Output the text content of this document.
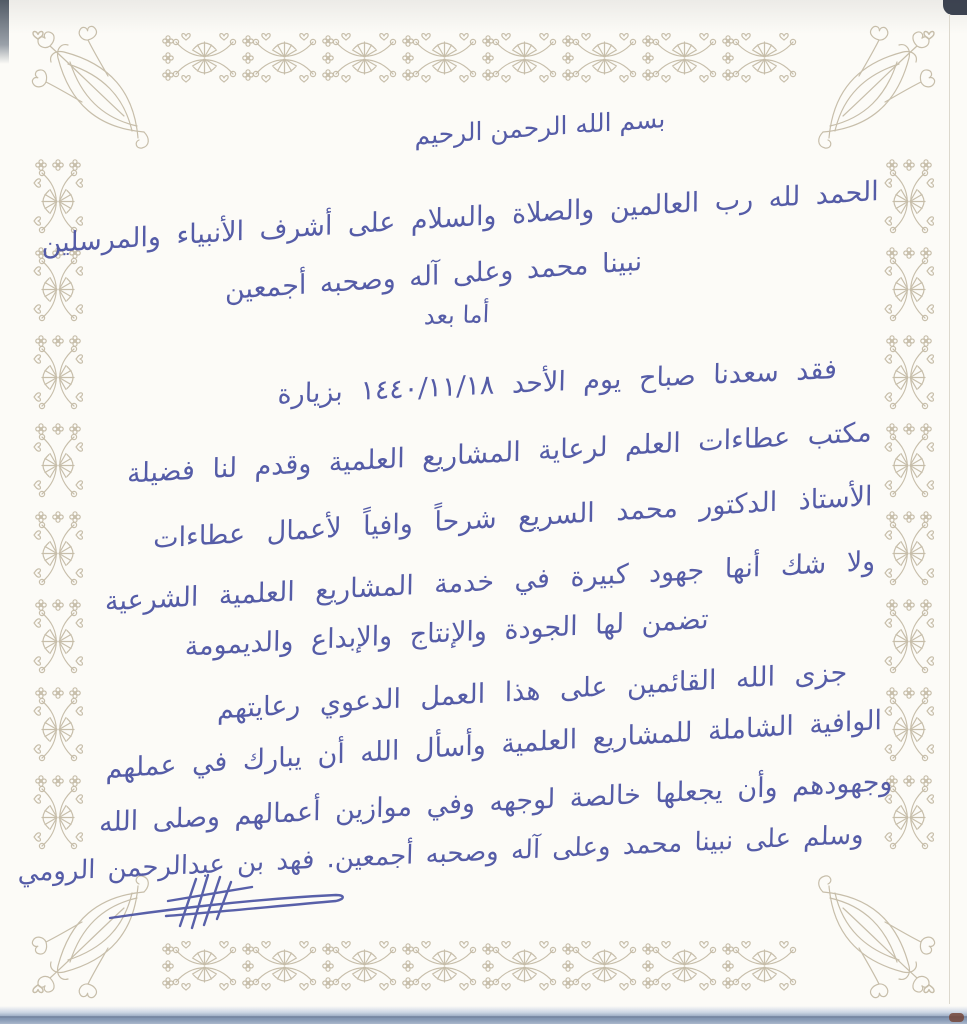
بسم الله الرحمن الرحيم
الحمد لله رب العالمين والصلاة والسلام على أشرف الأنبياء والمرسلين
نبينا محمد وعلى آله وصحبه أجمعين
أما بعد
فقد سعدنا صباح يوم الأحد ١٤٤٠/١١/١٨ بزيارة
مكتب عطاءات العلم لرعاية المشاريع العلمية وقدم لنا فضيلة
الأستاذ الدكتور محمد السريع شرحاً وافياً لأعمال عطاءات
ولا شك أنها جهود كبيرة في خدمة المشاريع العلمية الشرعية
تضمن لها الجودة والإنتاج والإبداع والديمومة
جزى الله القائمين على هذا العمل الدعوي رعايتهم
الوافية الشاملة للمشاريع العلمية وأسأل الله أن يبارك في عملهم
وجهودهم وأن يجعلها خالصة لوجهه وفي موازين أعمالهم وصلى الله
وسلم على نبينا محمد وعلى آله وصحبه أجمعين. فهد بن عبدالرحمن الرومي
